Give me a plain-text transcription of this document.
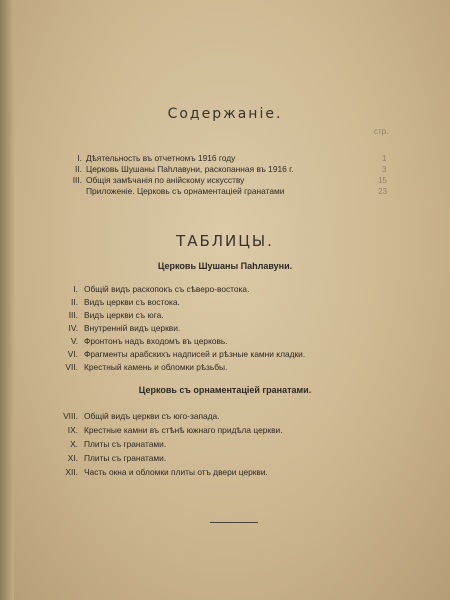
Содержаніе.
стр.
I. Дѣятельность въ отчетномъ 1916 году	1
II. Церковь Шушаны Паhлавуни, раскопанная въ 1916 г.	3
III. Общія замѣчанія по анійскому искусству	15
Приложеніе. Церковь съ орнаментаціей гранатами	23
ТАБЛИЦЫ.
Церковь Шушаны Паhлавуни.
I. Общій видъ раскопокъ съ сѣверо-востока.
II. Видъ церкви съ востока.
III. Видъ церкви съ юга.
IV. Внутренній видъ церкви.
V. Фронтонъ надъ входомъ въ церковь.
VI. Фрагменты арабскихъ надписей и рѣзные камни кладки.
VII. Крестный камень и обломки рѣзьбы.
Церковь съ орнаментаціей гранатами.
VIII. Общій видъ церкви съ юго-запада.
IX. Крестные камни въ стѣнѣ южнаго придѣла церкви.
X. Плиты съ гранатами.
XI. Плиты съ гранатами.
XII. Часть окна и обломки плиты отъ двери церкви.
